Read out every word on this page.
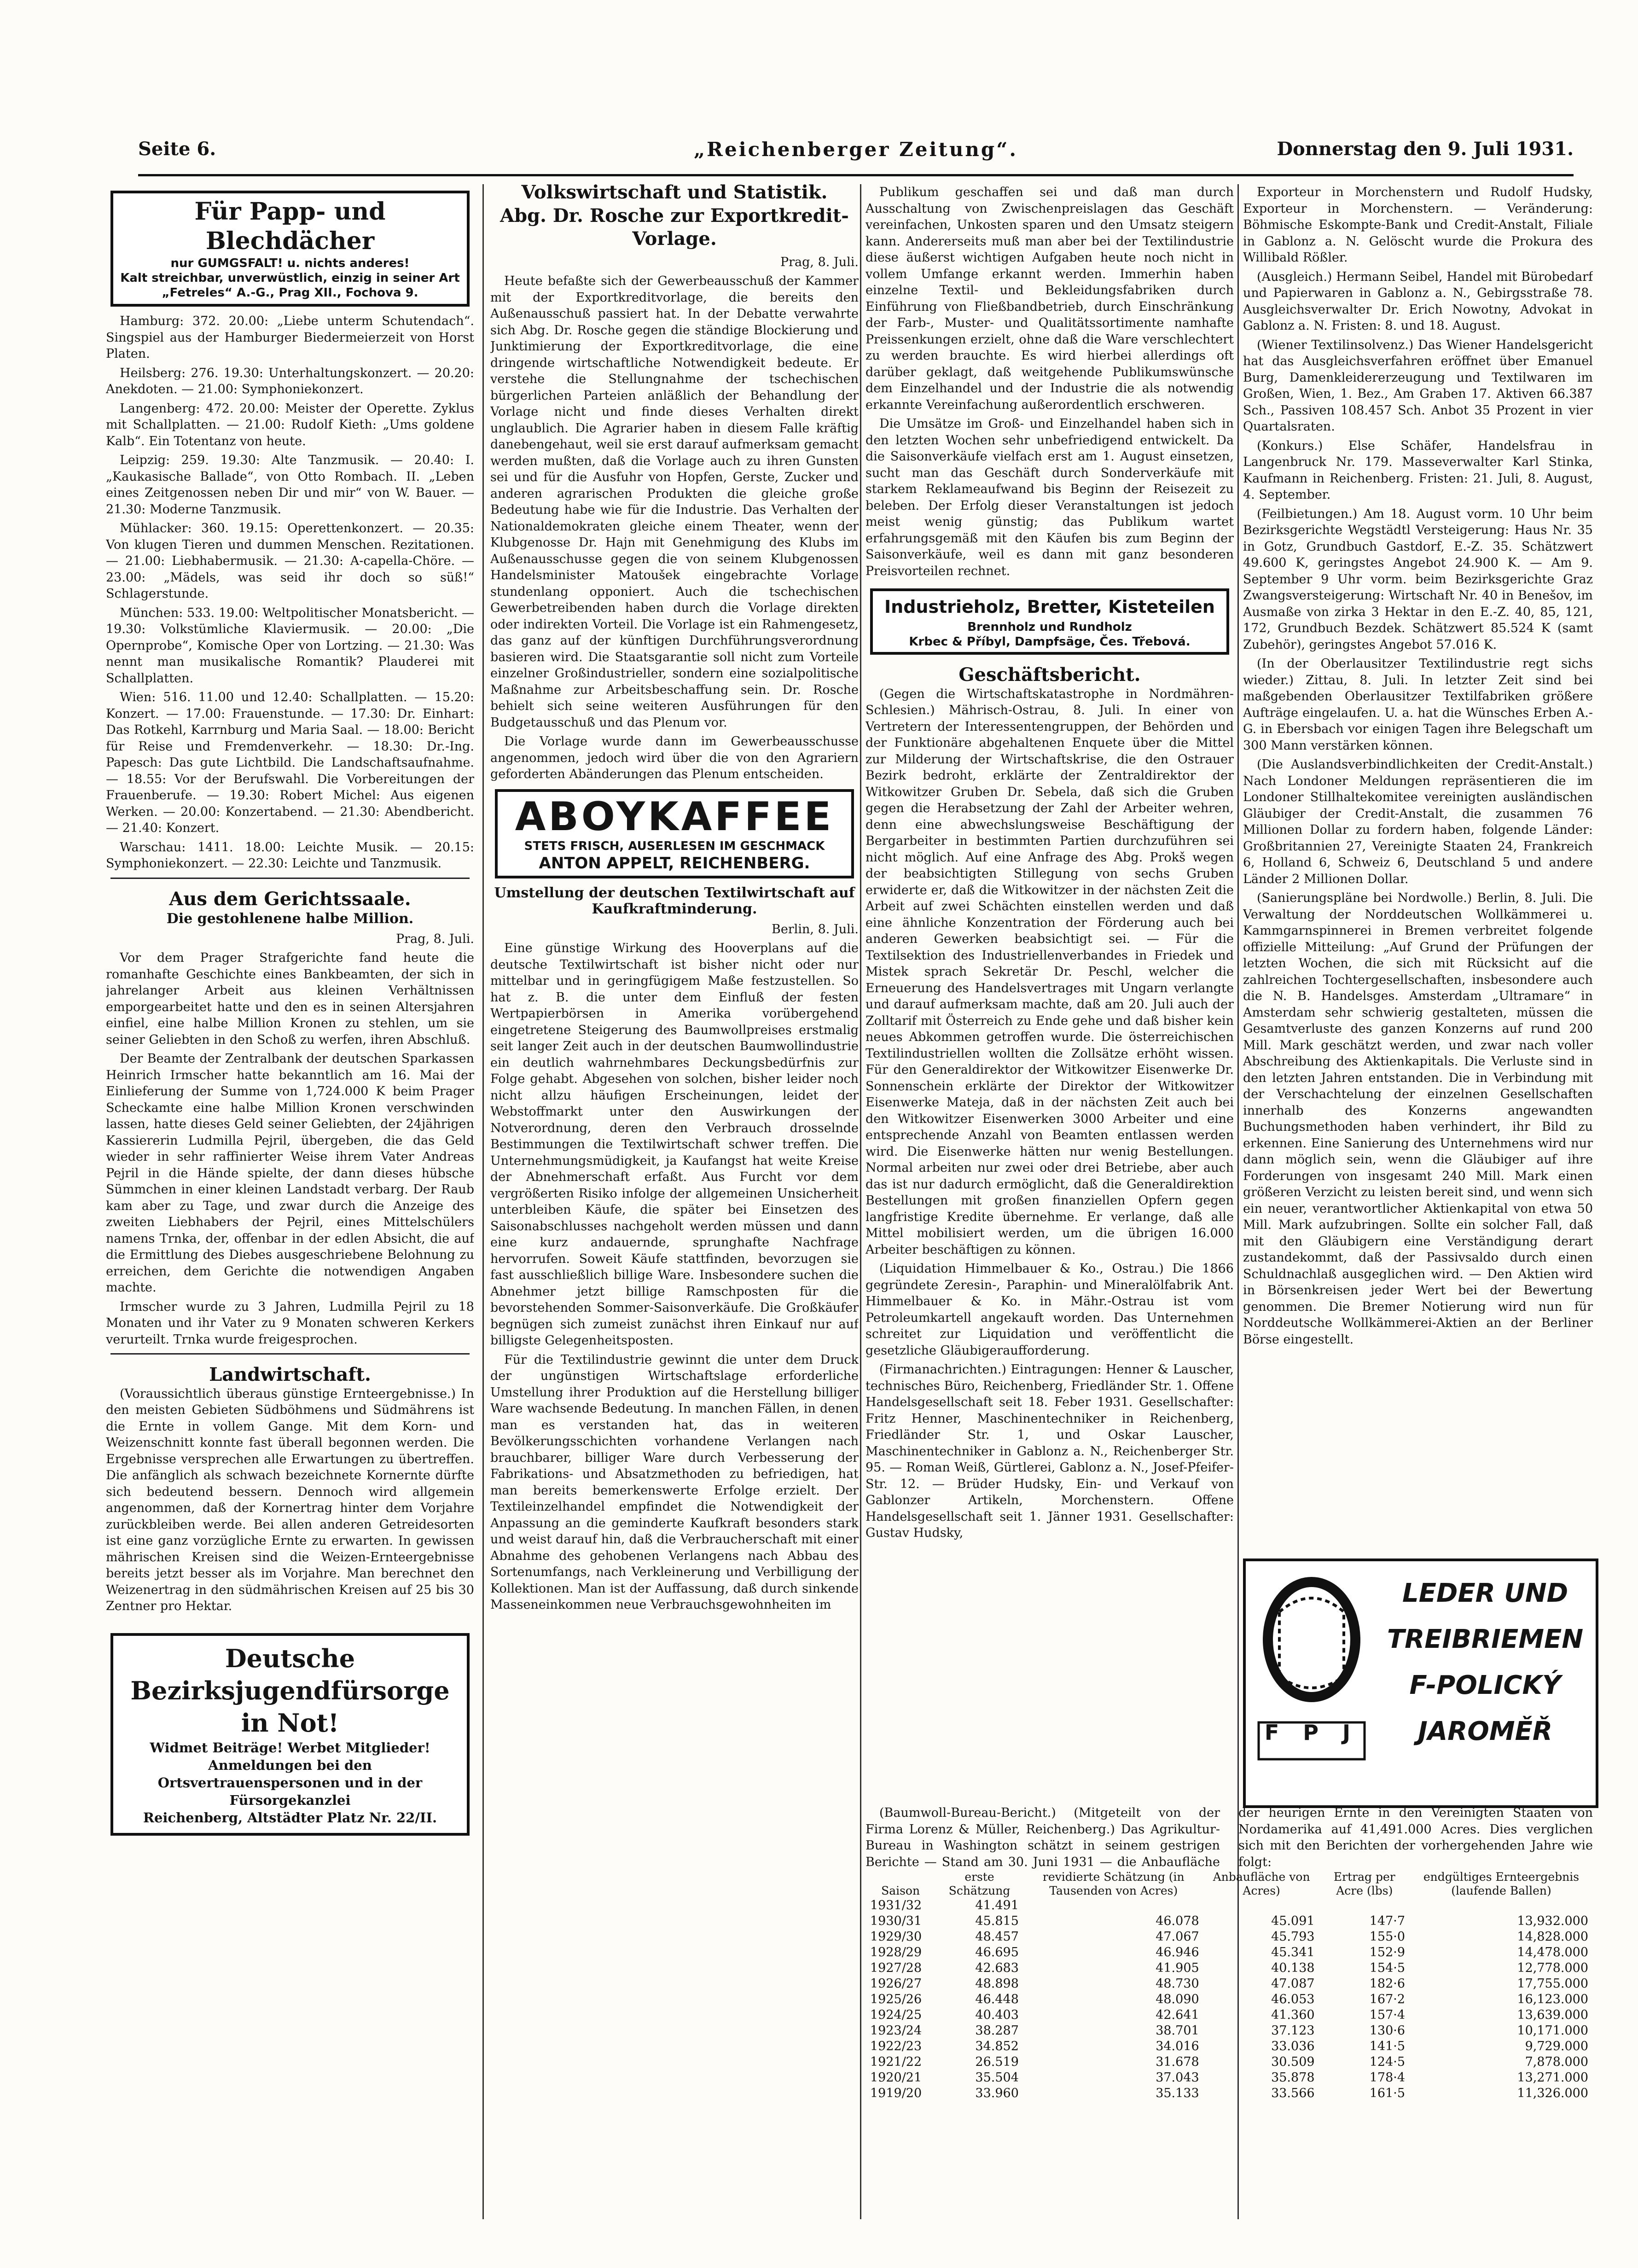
Seite 6.	„Reichenberger Zeitung“.	Donnerstag den 9. Juli 1931.
Für Papp- und Blechdächer
nur GUMGSFALT! u. nichts anderes!
Kalt streichbar, unverwüstlich, einzig in seiner Art
„Fetreles“ A.-G., Prag XII., Fochova 9.

Hamburg: 372. 20.00: „Liebe unterm Schutendach“. Singspiel aus der Hamburger Biedermeierzeit von Horst Platen.

Heilsberg: 276. 19.30: Unterhaltungskonzert. — 20.20: Anekdoten. — 21.00: Symphoniekonzert.

Langenberg: 472. 20.00: Meister der Operette. Zyklus mit Schallplatten. — 21.00: Rudolf Kieth: „Ums goldene Kalb“. Ein Totentanz von heute.

Leipzig: 259. 19.30: Alte Tanzmusik. — 20.40: I. „Kaukasische Ballade“, von Otto Rombach. II. „Leben eines Zeitgenossen neben Dir und mir“ von W. Bauer. — 21.30: Moderne Tanzmusik.

Mühlacker: 360. 19.15: Operettenkonzert. — 20.35: Von klugen Tieren und dummen Menschen. Rezitationen. — 21.00: Liebhabermusik. — 21.30: A-capella-Chöre. — 23.00: „Mädels, was seid ihr doch so süß!“ Schlagerstunde.

München: 533. 19.00: Weltpolitischer Monatsbericht. — 19.30: Volkstümliche Klaviermusik. — 20.00: „Die Opernprobe“, Komische Oper von Lortzing. — 21.30: Was nennt man musikalische Romantik? Plauderei mit Schallplatten.

Wien: 516. 11.00 und 12.40: Schallplatten. — 15.20: Konzert. — 17.00: Frauenstunde. — 17.30: Dr. Einhart: Das Rotkehl, Karrnburg und Maria Saal. — 18.00: Bericht für Reise und Fremdenverkehr. — 18.30: Dr.-Ing. Papesch: Das gute Lichtbild. Die Landschaftsaufnahme. — 18.55: Vor der Berufswahl. Die Vorbereitungen der Frauenberufe. — 19.30: Robert Michel: Aus eigenen Werken. — 20.00: Konzertabend. — 21.30: Abendbericht. — 21.40: Konzert.

Warschau: 1411. 18.00: Leichte Musik. — 20.15: Symphoniekonzert. — 22.30: Leichte und Tanzmusik.

Aus dem Gerichtssaale.
Die gestohlenene halbe Million.

Prag, 8. Juli.

Vor dem Prager Strafgerichte fand heute die romanhafte Geschichte eines Bankbeamten, der sich in jahrelanger Arbeit aus kleinen Verhältnissen emporgearbeitet hatte und den es in seinen Altersjahren einfiel, eine halbe Million Kronen zu stehlen, um sie seiner Geliebten in den Schoß zu werfen, ihren Abschluß.

Der Beamte der Zentralbank der deutschen Sparkassen Heinrich Irmscher hatte bekanntlich am 16. Mai der Einlieferung der Summe von 1,724.000 K beim Prager Scheckamte eine halbe Million Kronen verschwinden lassen, hatte dieses Geld seiner Geliebten, der 24jährigen Kassiererin Ludmilla Pejril, übergeben, die das Geld wieder in sehr raffinierter Weise ihrem Vater Andreas Pejril in die Hände spielte, der dann dieses hübsche Sümmchen in einer kleinen Landstadt verbarg. Der Raub kam aber zu Tage, und zwar durch die Anzeige des zweiten Liebhabers der Pejril, eines Mittelschülers namens Trnka, der, offenbar in der edlen Absicht, die auf die Ermittlung des Diebes ausgeschriebene Belohnung zu erreichen, dem Gerichte die notwendigen Angaben machte.

Irmscher wurde zu 3 Jahren, Ludmilla Pejril zu 18 Monaten und ihr Vater zu 9 Monaten schweren Kerkers verurteilt. Trnka wurde freigesprochen.

Landwirtschaft.

(Voraussichtlich überaus günstige Ernteergebnisse.) In den meisten Gebieten Südböhmens und Südmährens ist die Ernte in vollem Gange. Mit dem Korn- und Weizenschnitt konnte fast überall begonnen werden. Die Ergebnisse versprechen alle Erwartungen zu übertreffen. Die anfänglich als schwach bezeichnete Kornernte dürfte sich bedeutend bessern. Dennoch wird allgemein angenommen, daß der Kornertrag hinter dem Vorjahre zurückbleiben werde. Bei allen anderen Getreidesorten ist eine ganz vorzügliche Ernte zu erwarten. In gewissen mährischen Kreisen sind die Weizen-Ernteergebnisse bereits jetzt besser als im Vorjahre. Man berechnet den Weizenertrag in den südmährischen Kreisen auf 25 bis 30 Zentner pro Hektar.

Deutsche Bezirksjugendfürsorge in Not!
Widmet Beiträge! Werbet Mitglieder!
Anmeldungen bei den Ortsvertrauenspersonen und in der Fürsorgekanzlei
Reichenberg, Altstädter Platz Nr. 22/II.
Volkswirtschaft und Statistik.
Abg. Dr. Rosche zur Exportkredit-Vorlage.

Prag, 8. Juli.

Heute befaßte sich der Gewerbeausschuß der Kammer mit der Exportkreditvorlage, die bereits den Außenausschuß passiert hat. In der Debatte verwahrte sich Abg. Dr. Rosche gegen die ständige Blockierung und Junktimierung der Exportkreditvorlage, die eine dringende wirtschaftliche Notwendigkeit bedeute. Er verstehe die Stellungnahme der tschechischen bürgerlichen Parteien anläßlich der Behandlung der Vorlage nicht und finde dieses Verhalten direkt unglaublich. Die Agrarier haben in diesem Falle kräftig danebengehaut, weil sie erst darauf aufmerksam gemacht werden mußten, daß die Vorlage auch zu ihren Gunsten sei und für die Ausfuhr von Hopfen, Gerste, Zucker und anderen agrarischen Produkten die gleiche große Bedeutung habe wie für die Industrie. Das Verhalten der Nationaldemokraten gleiche einem Theater, wenn der Klubgenosse Dr. Hajn mit Genehmigung des Klubs im Außenausschusse gegen die von seinem Klubgenossen Handelsminister Matoušek eingebrachte Vorlage stundenlang opponiert. Auch die tschechischen Gewerbetreibenden haben durch die Vorlage direkten oder indirekten Vorteil. Die Vorlage ist ein Rahmengesetz, das ganz auf der künftigen Durchführungsverordnung basieren wird. Die Staatsgarantie soll nicht zum Vorteile einzelner Großindustrieller, sondern eine sozialpolitische Maßnahme zur Arbeitsbeschaffung sein. Dr. Rosche behielt sich seine weiteren Ausführungen für den Budgetausschuß und das Plenum vor.

Die Vorlage wurde dann im Gewerbeausschusse angenommen, jedoch wird über die von den Agrariern geforderten Abänderungen das Plenum entscheiden.

ABOYKAFFEE
STETS FRISCH, AUSERLESEN IM GESCHMACK
ANTON APPELT, REICHENBERG.
Umstellung der deutschen Textilwirtschaft auf Kaufkraftminderung.

Berlin, 8. Juli.

Eine günstige Wirkung des Hooverplans auf die deutsche Textilwirtschaft ist bisher nicht oder nur mittelbar und in geringfügigem Maße festzustellen. So hat z. B. die unter dem Einfluß der festen Wertpapierbörsen in Amerika vorübergehend eingetretene Steigerung des Baumwollpreises erstmalig seit langer Zeit auch in der deutschen Baumwollindustrie ein deutlich wahrnehmbares Deckungsbedürfnis zur Folge gehabt. Abgesehen von solchen, bisher leider noch nicht allzu häufigen Erscheinungen, leidet der Webstoffmarkt unter den Auswirkungen der Notverordnung, deren den Verbrauch drosselnde Bestimmungen die Textilwirtschaft schwer treffen. Die Unternehmungsmüdigkeit, ja Kaufangst hat weite Kreise der Abnehmerschaft erfaßt. Aus Furcht vor dem vergrößerten Risiko infolge der allgemeinen Unsicherheit unterbleiben Käufe, die später bei Einsetzen des Saisonabschlusses nachgeholt werden müssen und dann eine kurz andauernde, sprunghafte Nachfrage hervorrufen. Soweit Käufe stattfinden, bevorzugen sie fast ausschließlich billige Ware. Insbesondere suchen die Abnehmer jetzt billige Ramschposten für die bevorstehenden Sommer-Saisonverkäufe. Die Großkäufer begnügen sich zumeist zunächst ihren Einkauf nur auf billigste Gelegenheitsposten.

Für die Textilindustrie gewinnt die unter dem Druck der ungünstigen Wirtschaftslage erforderliche Umstellung ihrer Produktion auf die Herstellung billiger Ware wachsende Bedeutung. In manchen Fällen, in denen man es verstanden hat, das in weiteren Bevölkerungsschichten vorhandene Verlangen nach brauchbarer, billiger Ware durch Verbesserung der Fabrikations- und Absatzmethoden zu befriedigen, hat man bereits bemerkenswerte Erfolge erzielt. Der Textileinzelhandel empfindet die Notwendigkeit der Anpassung an die geminderte Kaufkraft besonders stark und weist darauf hin, daß die Verbraucherschaft mit einer Abnahme des gehobenen Verlangens nach Abbau des Sortenumfangs, nach Verkleinerung und Verbilligung der Kollektionen. Man ist der Auffassung, daß durch sinkende Masseneinkommen neue Verbrauchsgewohnheiten im

Publikum geschaffen sei und daß man durch Ausschaltung von Zwischenpreislagen das Geschäft vereinfachen, Unkosten sparen und den Umsatz steigern kann. Andererseits muß man aber bei der Textilindustrie diese äußerst wichtigen Aufgaben heute noch nicht in vollem Umfange erkannt werden. Immerhin haben einzelne Textil- und Bekleidungsfabriken durch Einführung von Fließbandbetrieb, durch Einschränkung der Farb-, Muster- und Qualitätssortimente namhafte Preissenkungen erzielt, ohne daß die Ware verschlechtert zu werden brauchte. Es wird hierbei allerdings oft darüber geklagt, daß weitgehende Publikumswünsche dem Einzelhandel und der Industrie die als notwendig erkannte Vereinfachung außerordentlich erschweren.

Die Umsätze im Groß- und Einzelhandel haben sich in den letzten Wochen sehr unbefriedigend entwickelt. Da die Saisonverkäufe vielfach erst am 1. August einsetzen, sucht man das Geschäft durch Sonderverkäufe mit starkem Reklameaufwand bis Beginn der Reisezeit zu beleben. Der Erfolg dieser Veranstaltungen ist jedoch meist wenig günstig; das Publikum wartet erfahrungsgemäß mit den Käufen bis zum Beginn der Saisonverkäufe, weil es dann mit ganz besonderen Preisvorteilen rechnet.

Industrieholz, Bretter, Kisteteilen
Brennholz und Rundholz
Krbec & Příbyl, Dampfsäge, Čes. Třebová.
Geschäftsbericht.

(Gegen die Wirtschaftskatastrophe in Nordmähren-Schlesien.) Mährisch-Ostrau, 8. Juli. In einer von Vertretern der Interessentengruppen, der Behörden und der Funktionäre abgehaltenen Enquete über die Mittel zur Milderung der Wirtschaftskrise, die den Ostrauer Bezirk bedroht, erklärte der Zentraldirektor der Witkowitzer Gruben Dr. Sebela, daß sich die Gruben gegen die Herabsetzung der Zahl der Arbeiter wehren, denn eine abwechslungsweise Beschäftigung der Bergarbeiter in bestimmten Partien durchzuführen sei nicht möglich. Auf eine Anfrage des Abg. Prokš wegen der beabsichtigten Stillegung von sechs Gruben erwiderte er, daß die Witkowitzer in der nächsten Zeit die Arbeit auf zwei Schächten einstellen werden und daß eine ähnliche Konzentration der Förderung auch bei anderen Gewerken beabsichtigt sei. — Für die Textilsektion des Industriellenverbandes in Friedek und Mistek sprach Sekretär Dr. Peschl, welcher die Erneuerung des Handelsvertrages mit Ungarn verlangte und darauf aufmerksam machte, daß am 20. Juli auch der Zolltarif mit Österreich zu Ende gehe und daß bisher kein neues Abkommen getroffen wurde. Die österreichischen Textilindustriellen wollten die Zollsätze erhöht wissen. Für den Generaldirektor der Witkowitzer Eisenwerke Dr. Sonnenschein erklärte der Direktor der Witkowitzer Eisenwerke Mateja, daß in der nächsten Zeit auch bei den Witkowitzer Eisenwerken 3000 Arbeiter und eine entsprechende Anzahl von Beamten entlassen werden wird. Die Eisenwerke hätten nur wenig Bestellungen. Normal arbeiten nur zwei oder drei Betriebe, aber auch das ist nur dadurch ermöglicht, daß die Generaldirektion Bestellungen mit großen finanziellen Opfern gegen langfristige Kredite übernehme. Er verlange, daß alle Mittel mobilisiert werden, um die übrigen 16.000 Arbeiter beschäftigen zu können.

(Liquidation Himmelbauer & Ko., Ostrau.) Die 1866 gegründete Zeresin-, Paraphin- und Mineralölfabrik Ant. Himmelbauer & Ko. in Mähr.-Ostrau ist vom Petroleumkartell angekauft worden. Das Unternehmen schreitet zur Liquidation und veröffentlicht die gesetzliche Gläubigeraufforderung.

(Firmanachrichten.) Eintragungen: Henner & Lauscher, technisches Büro, Reichenberg, Friedländer Str. 1. Offene Handelsgesellschaft seit 18. Feber 1931. Gesellschafter: Fritz Henner, Maschinentechniker in Reichenberg, Friedländer Str. 1, und Oskar Lauscher, Maschinentechniker in Gablonz a. N., Reichenberger Str. 95. — Roman Weiß, Gürtlerei, Gablonz a. N., Josef-Pfeifer-Str. 12. — Brüder Hudsky, Ein- und Verkauf von Gablonzer Artikeln, Morchenstern. Offene Handelsgesellschaft seit 1. Jänner 1931. Gesellschafter: Gustav Hudsky,

Exporteur in Morchenstern und Rudolf Hudsky, Exporteur in Morchenstern. — Veränderung: Böhmische Eskompte-Bank und Credit-Anstalt, Filiale in Gablonz a. N. Gelöscht wurde die Prokura des Willibald Rößler.

(Ausgleich.) Hermann Seibel, Handel mit Bürobedarf und Papierwaren in Gablonz a. N., Gebirgsstraße 78. Ausgleichsverwalter Dr. Erich Nowotny, Advokat in Gablonz a. N. Fristen: 8. und 18. August.

(Wiener Textilinsolvenz.) Das Wiener Handelsgericht hat das Ausgleichsverfahren eröffnet über Emanuel Burg, Damenkleidererzeugung und Textilwaren im Großen, Wien, 1. Bez., Am Graben 17. Aktiven 66.387 Sch., Passiven 108.457 Sch. Anbot 35 Prozent in vier Quartalsraten.

(Konkurs.) Else Schäfer, Handelsfrau in Langenbruck Nr. 179. Masseverwalter Karl Stinka, Kaufmann in Reichenberg. Fristen: 21. Juli, 8. August, 4. September.

(Feilbietungen.) Am 18. August vorm. 10 Uhr beim Bezirksgerichte Wegstädtl Versteigerung: Haus Nr. 35 in Gotz, Grundbuch Gastdorf, E.-Z. 35. Schätzwert 49.600 K, geringstes Angebot 24.900 K. — Am 9. September 9 Uhr vorm. beim Bezirksgerichte Graz Zwangsversteigerung: Wirtschaft Nr. 40 in Benešov, im Ausmaße von zirka 3 Hektar in den E.-Z. 40, 85, 121, 172, Grundbuch Bezdek. Schätzwert 85.524 K (samt Zubehör), geringstes Angebot 57.016 K.

(In der Oberlausitzer Textilindustrie regt sichs wieder.) Zittau, 8. Juli. In letzter Zeit sind bei maßgebenden Oberlausitzer Textilfabriken größere Aufträge eingelaufen. U. a. hat die Wünsches Erben A.-G. in Ebersbach vor einigen Tagen ihre Belegschaft um 300 Mann verstärken können.

(Die Auslandsverbindlichkeiten der Credit-Anstalt.) Nach Londoner Meldungen repräsentieren die im Londoner Stillhaltekomitee vereinigten ausländischen Gläubiger der Credit-Anstalt, die zusammen 76 Millionen Dollar zu fordern haben, folgende Länder: Großbritannien 27, Vereinigte Staaten 24, Frankreich 6, Holland 6, Schweiz 6, Deutschland 5 und andere Länder 2 Millionen Dollar.

(Sanierungspläne bei Nordwolle.) Berlin, 8. Juli. Die Verwaltung der Norddeutschen Wollkämmerei u. Kammgarnspinnerei in Bremen verbreitet folgende offizielle Mitteilung: „Auf Grund der Prüfungen der letzten Wochen, die sich mit Rücksicht auf die zahlreichen Tochtergesellschaften, insbesondere auch die N. B. Handelsges. Amsterdam „Ultramare“ in Amsterdam sehr schwierig gestalteten, müssen die Gesamtverluste des ganzen Konzerns auf rund 200 Mill. Mark geschätzt werden, und zwar nach voller Abschreibung des Aktienkapitals. Die Verluste sind in den letzten Jahren entstanden. Die in Verbindung mit der Verschachtelung der einzelnen Gesellschaften innerhalb des Konzerns angewandten Buchungsmethoden haben verhindert, ihr Bild zu erkennen. Eine Sanierung des Unternehmens wird nur dann möglich sein, wenn die Gläubiger auf ihre Forderungen von insgesamt 240 Mill. Mark einen größeren Verzicht zu leisten bereit sind, und wenn sich ein neuer, verantwortlicher Aktienkapital von etwa 50 Mill. Mark aufzubringen. Sollte ein solcher Fall, daß mit den Gläubigern eine Verständigung derart zustandekommt, daß der Passivsaldo durch einen Schuldnachlaß ausgeglichen wird. — Den Aktien wird in Börsenkreisen jeder Wert bei der Bewertung genommen. Die Bremer Notierung wird nun für Norddeutsche Wollkämmerei-Aktien an der Berliner Börse eingestellt.

F P J
LEDER UND
TREIBRIEMEN
F-POLICKÝ
JAROMĚŘ

(Baumwoll-Bureau-Bericht.) (Mitgeteilt von der Firma Lorenz & Müller, Reichenberg.) Das Agrikultur-Bureau in Washington schätzt in seinem gestrigen Berichte — Stand am 30. Juni 1931 — die Anbaufläche der heurigen Ernte in den Vereinigten Staaten von Nordamerika auf 41,491.000 Acres. Dies verglichen sich mit den Berichten der vorhergehenden Jahre wie folgt:

Saison	erste Schätzung	revidierte Schätzung (in Tausenden von Acres)	Anbaufläche von Acres)	Ertrag per Acre (lbs)	endgültiges Ernteergebnis (laufende Ballen)
1931/32	41.491				
1930/31	45.815	46.078	45.091	147·7	13,932.000
1929/30	48.457	47.067	45.793	155·0	14,828.000
1928/29	46.695	46.946	45.341	152·9	14,478.000
1927/28	42.683	41.905	40.138	154·5	12,778.000
1926/27	48.898	48.730	47.087	182·6	17,755.000
1925/26	46.448	48.090	46.053	167·2	16,123.000
1924/25	40.403	42.641	41.360	157·4	13,639.000
1923/24	38.287	38.701	37.123	130·6	10,171.000
1922/23	34.852	34.016	33.036	141·5	9,729.000
1921/22	26.519	31.678	30.509	124·5	7,878.000
1920/21	35.504	37.043	35.878	178·4	13,271.000
1919/20	33.960	35.133	33.566	161·5	11,326.000
